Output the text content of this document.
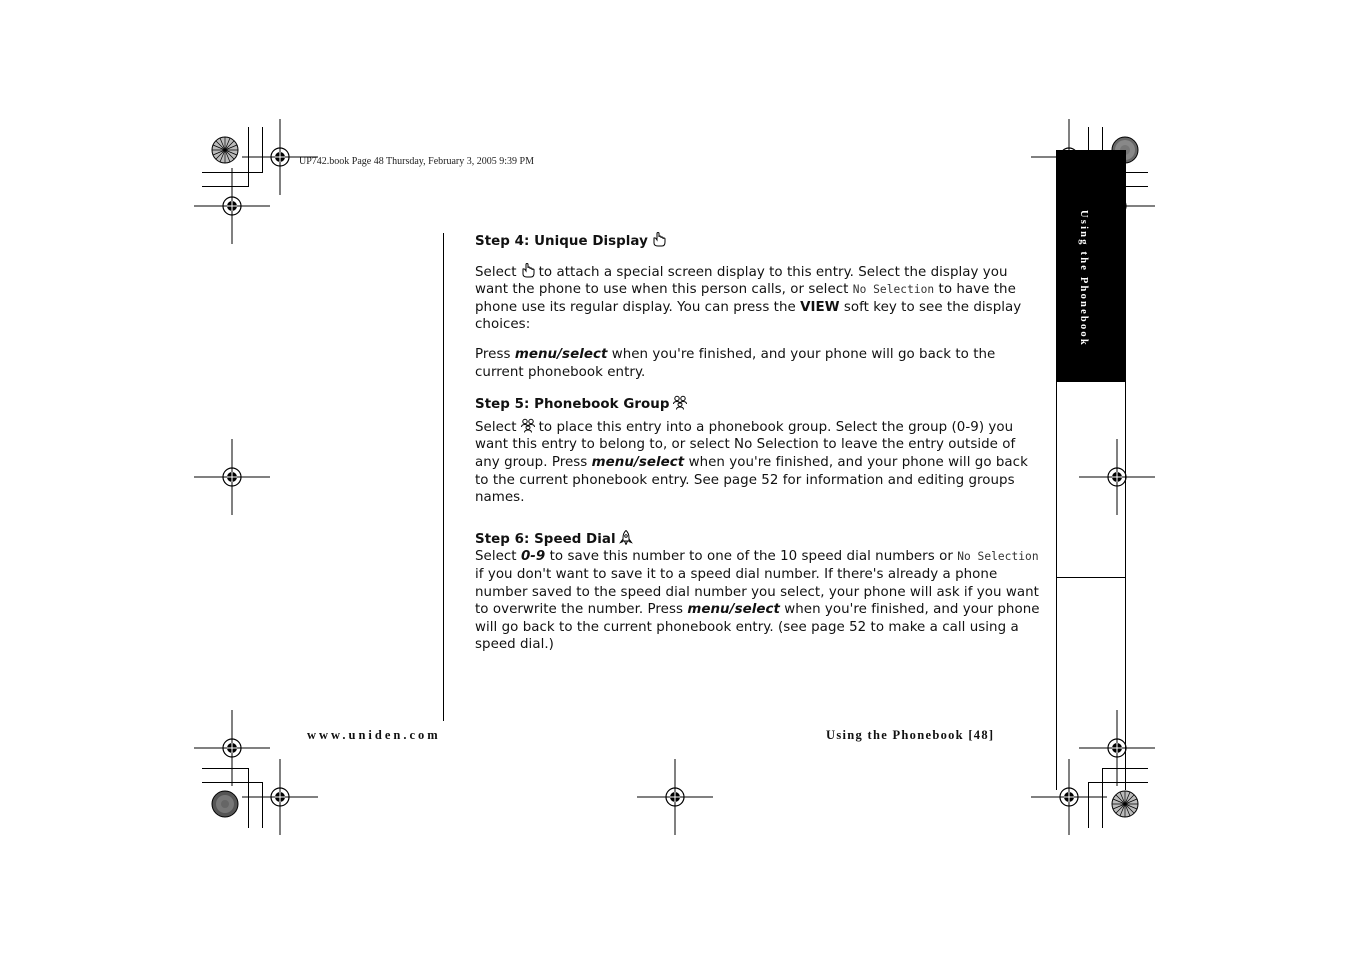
UP742.book Page 48 Thursday, February 3, 2005 9:39 PM
Using the Phonebook

Step 4: Unique Display

Select to attach a special screen display to this entry. Select the display you want the phone to use when this person calls, or select No Selection to have the phone use its regular display. You can press the VIEW soft key to see the display choices:

Press menu/select when you're finished, and your phone will go back to the current phonebook entry.

Step 5: Phonebook Group

Select to place this entry into a phonebook group. Select the group (0-9) you want this entry to belong to, or select No Selection to leave the entry outside of any group. Press menu/select when you're finished, and your phone will go back to the current phonebook entry. See page 52 for information and editing groups names.

Step 6: Speed Dial

Select 0-9 to save this number to one of the 10 speed dial numbers or No Selection if you don't want to save it to a speed dial number. If there's already a phone number saved to the speed dial number you select, your phone will ask if you want to overwrite the number. Press menu/select when you're finished, and your phone will go back to the current phonebook entry. (see page 52 to make a call using a speed dial.)

www.uniden.com	Using the Phonebook [48]
